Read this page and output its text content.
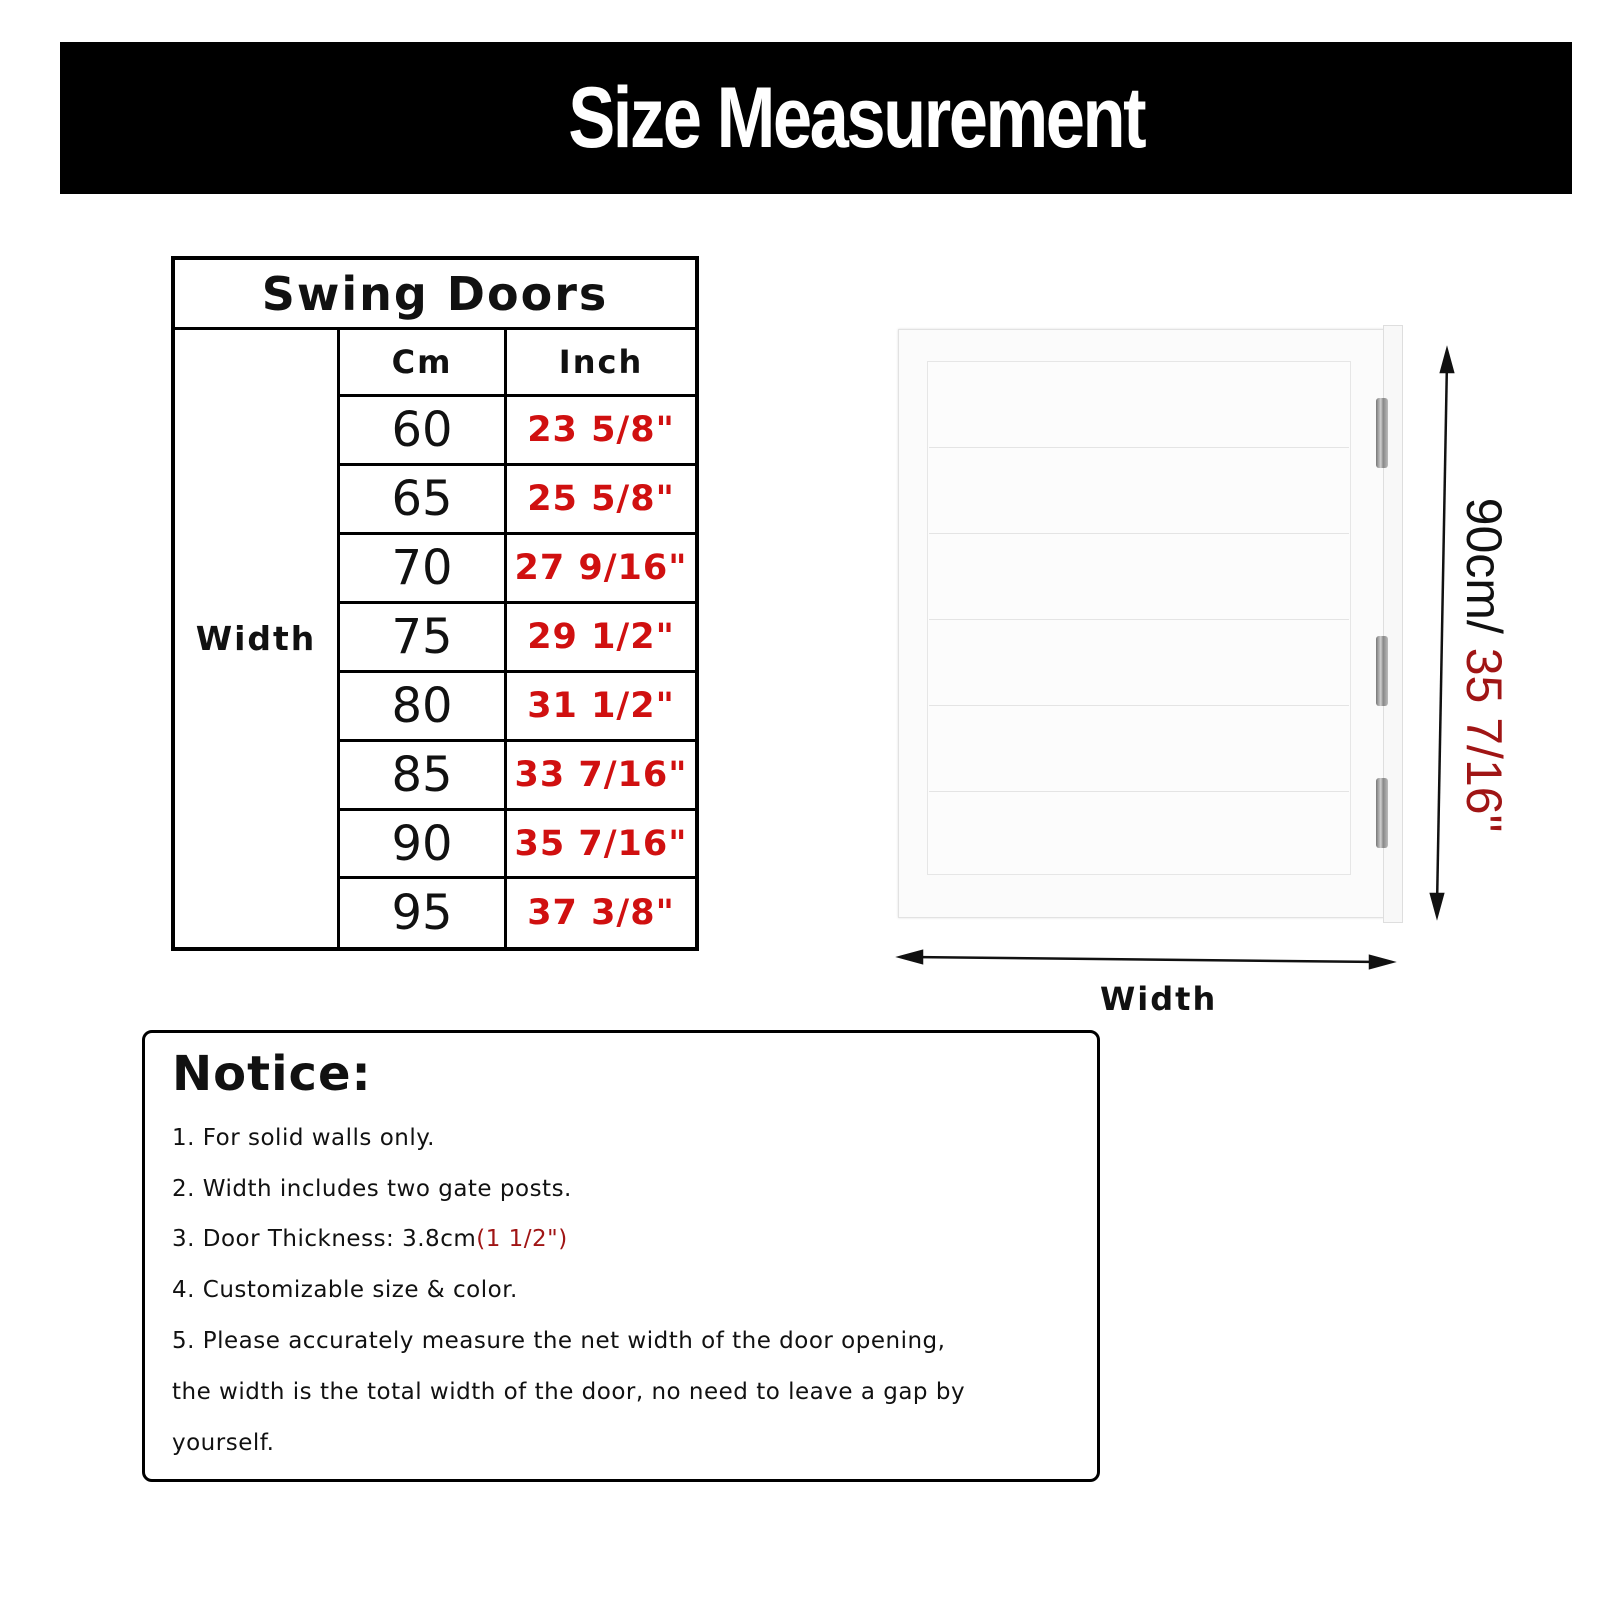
Size Measurement
Swing Doors
Width
Cm	Inch
60	23 5/8"
65	25 5/8"
70	27 9/16"
75	29 1/2"
80	31 1/2"
85	33 7/16"
90	35 7/16"
95	37 3/8"
90cm/ 35 7/16"
Width
Notice:
1. For solid walls only.
2. Width includes two gate posts.
3. Door Thickness: 3.8cm(1 1/2")
4. Customizable size & color.
5. Please accurately measure the net width of the door opening,
the width is the total width of the door, no need to leave a gap by
yourself.
